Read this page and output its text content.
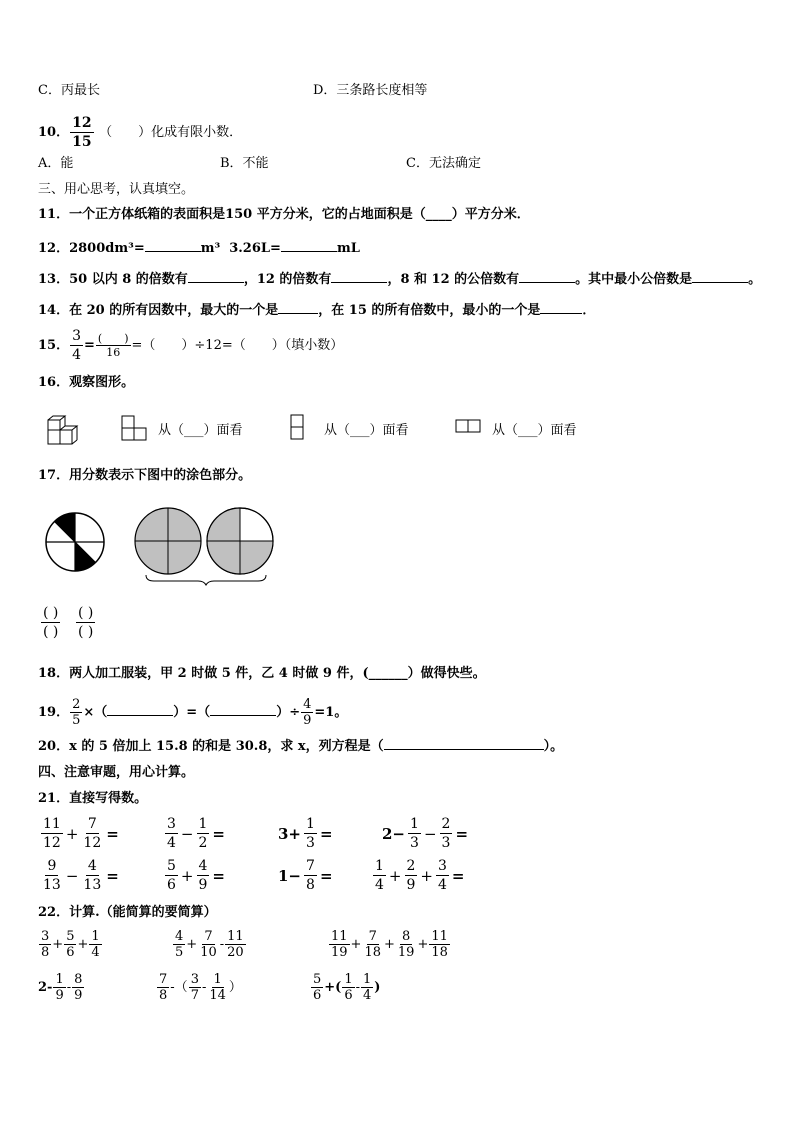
C．丙最长	D．三条路长度相等
10． $\frac{12}{15}$ （　　）化成有限小数．
A．能	B．不能	C．无法确定
三、用心思考，认真填空。
11．一个正方体纸箱的表面积是150 平方分米，它的占地面积是（____）平方分米．
12．2800dm³=	m³ 3.26L=	mL
13．50 以内 8 的倍数有	，12 的倍数有	，8 和 12 的公倍数有	。其中最小公倍数是	。
14．在 20 的所有因数中，最大的一个是	，在 15 的所有倍数中，最小的一个是	．
15． $\frac{3}{4} = \frac{( )}{16}$ =（　　）÷12=（　　）（填小数）
16．观察图形。
从（___）面看	从（___）面看	从（___）面看
17．用分数表示下图中的涂色部分。
$\frac{( )}{( )} \frac{( )}{( )}$
18．两人加工服装，甲 2 时做 5 件，乙 4 时做 9 件，(______）做得快些。
19． $\frac{2}{5}$ ×（	）=（	）÷ $\frac{4}{9} =1$。
20．x 的 5 倍加上 15.8 的和是 30.8，求 x，列方程是（	）。
四、注意审题，用心计算。
21．直接写得数。
$\frac{11}{12} + \frac{7}{12}$ =	$\frac{3}{4} - \frac{1}{2}$ =	$3+ \frac{1}{3}$ =	$2- \frac{1}{3} - \frac{2}{3}$ =
$\frac{9}{13} - \frac{4}{13}$ =	$\frac{5}{6} + \frac{4}{9}$ =	$1- \frac{7}{8}$ =	$\frac{1}{4} + \frac{2}{9} + \frac{3}{4}$ =
22．计算.（能简算的要简算）
$\frac{3}{8} + \frac{5}{6} + \frac{1}{4}$	$\frac{4}{5} + \frac{7}{10} - \frac{11}{20}$	$\frac{11}{19} + \frac{7}{18} + \frac{8}{19} + \frac{11}{18}$
$2- \frac{1}{9} - \frac{8}{9}$	$\frac{7}{8}$ -（ $\frac{3}{7} - \frac{1}{14}$ ）	$\frac{5}{6}$ +( $\frac{1}{6} - \frac{1}{4}$ )
